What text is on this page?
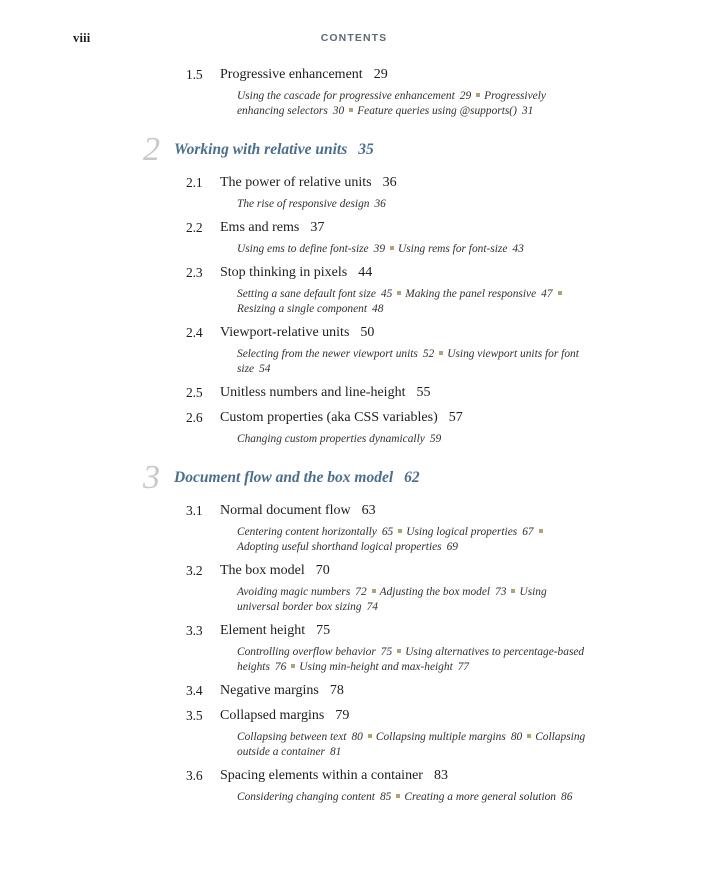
viii	CONTENTS
1.5 Progressive enhancement 29

Using the cascade for progressive enhancement 29 Progressively enhancing selectors 30 Feature queries using @supports() 31

2 Working with relative units 35
2.1 The power of relative units 36

The rise of responsive design 36

2.2 Ems and rems 37

Using ems to define font-size 39 Using rems for font-size 43

2.3 Stop thinking in pixels 44

Setting a sane default font size 45 Making the panel responsive 47Resizing a single component 48

2.4 Viewport-relative units 50

Selecting from the newer viewport units 52 Using viewport units for font size 54

2.5 Unitless numbers and line-height 55
2.6 Custom properties (aka CSS variables) 57

Changing custom properties dynamically 59

3 Document flow and the box model 62
3.1 Normal document flow 63

Centering content horizontally 65 Using logical properties 67Adopting useful shorthand logical properties 69

3.2 The box model 70

Avoiding magic numbers 72 Adjusting the box model 73 Using universal border box sizing 74

3.3 Element height 75

Controlling overflow behavior 75 Using alternatives to percentage-based heights 76 Using min-height and max-height 77

3.4 Negative margins 78
3.5 Collapsed margins 79

Collapsing between text 80 Collapsing multiple margins 80 Collapsing outside a container 81

3.6 Spacing elements within a container 83

Considering changing content 85 Creating a more general solution 86
